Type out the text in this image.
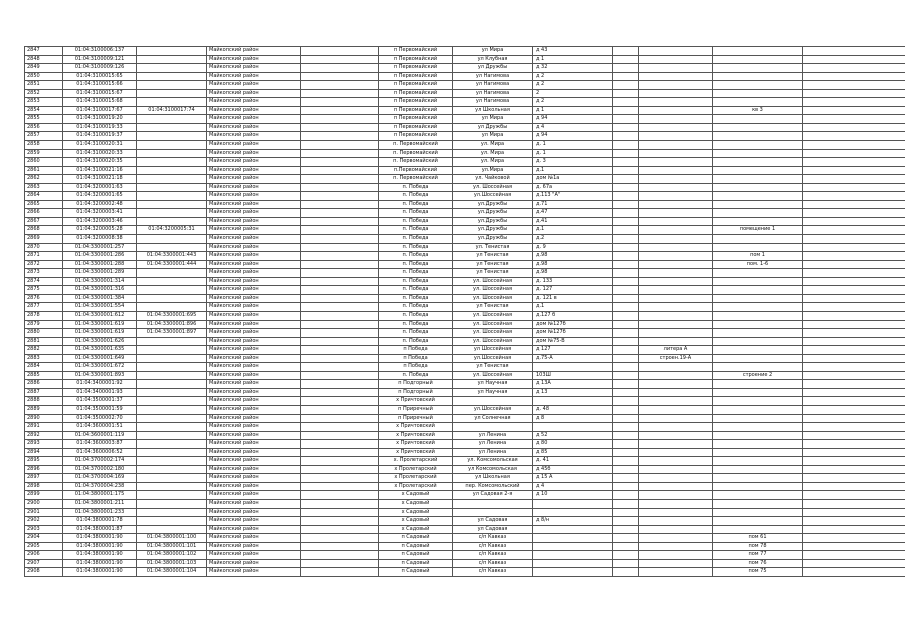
2847	01:04:3100006:137		Майкопский район		п Первомайский	ул Мира	д 43				
2848	01:04:3100009:121		Майкопский район		п Первомайский	ул Клубная	д 1				
2849	01:04:3100009:126		Майкопский район		п Первомайский	ул Дружбы	д 32				
2850	01:04:3100015:65		Майкопский район		п Первомайский	ул Нагимова	д 2				
2851	01:04:3100015:66		Майкопский район		п Первомайский	ул Нагимова	д 2				
2852	01:04:3100015:67		Майкопский район		п Первомайский	ул Нагимова	2				
2853	01:04:3100015:68		Майкопский район		п Первомайский	ул Нагимова	д 2				
2854	01:04:3100017:67	01:04:3100017:74	Майкопский район		п Первомайский	ул Школьная	д 1			кв 3	
2855	01:04:3100019:20		Майкопский район		п Первомайский	ул Мира	д 94				
2856	01:04:3100019:33		Майкопский район		п Первомайский	ул Дружбы	д 4				
2857	01:04:3100019:37		Майкопский район		п Первомайский	ул Мира	д 94				
2858	01:04:3100020:31		Майкопский район		п. Первомайский	ул. Мира	д. 1				
2859	01:04:3100020:33		Майкопский район		п. Первомайский	ул. Мира	д. 1				
2860	01:04:3100020:35		Майкопский район		п. Первомайский	ул. Мира	д. 3				
2861	01:04:3100021:16		Майкопский район		п.Первомайский	ул.Мира	д.1				
2862	01:04:3100021:18		Майкопский район		п. Первомайский	ул. Чайковой	дом №1а				
2863	01:04:3200001:63		Майкопский район		п. Победа	ул. Шоссейная	д. 67а				
2864	01:04:3200001:65		Майкопский район		п. Победа	ул.Шоссейная	д.113 "А"				
2865	01:04:3200002:48		Майкопский район		п. Победа	ул.Дружбы	д.71				
2866	01:04:3200003:41		Майкопский район		п. Победа	ул.Дружбы	д.47				
2867	01:04:3200003:46		Майкопский район		п. Победа	ул.Дружбы	д.41				
2868	01:04:3200005:28	01:04:3200005:31	Майкопский район		п. Победа	ул.Дружбы	д.1			помещение 1	
2869	01:04:3200008:38		Майкопский район		п. Победа	ул.Дружбы	д.2				
2870	01:04:3300001:257		Майкопский район		п. Победа	ул. Тенистая	д. 9				
2871	01:04:3300001:286	01:04:3300001:443	Майкопский район		п. Победа	ул Тенистая	д.98			пом 1	
2872	01:04:3300001:288	01:04:3300001:444	Майкопский район		п. Победа	ул Тенистая	д.98			пом. 1-6	
2873	01:04:3300001:289		Майкопский район		п. Победа	ул Тенистая	д.98				
2874	01:04:3300001:314		Майкопский район		п. Победа	ул. Шоссейная	д. 133				
2875	01:04:3300001:316		Майкопский район		п. Победа	ул. Шоссейная	д. 127				
2876	01:04:3300001:384		Майкопский район		п. Победа	ул. Шоссейная	д. 121 в				
2877	01:04:3300001:554		Майкопский район		п. Победа	ул Тенистая	д.1				
2878	01:04:3300001:612	01:04:3300001:695	Майкопский район		п. Победа	ул. Шоссейная	д.127 б				
2879	01:04:3300001:619	01:04:3300001:896	Майкопский район		п. Победа	ул. Шоссейная	дом №127б				
2880	01:04:3300001:619	01:04:3300001:897	Майкопский район		п. Победа	ул. Шоссейная	дом №127б				
2881	01:04:3300001:626		Майкопский район		п. Победа	ул. Шоссейная	дом №75-В				
2882	01:04:3300001:635		Майкопский район		п Победа	ул Шоссейная	д 127		литера А		
2883	01:04:3300001:649		Майкопский район		п Победа	ул.Шоссейная	д.75-А		строен.19-А		
2884	01:04:3300001:672		Майкопский район		п Победа	ул Тенистая					
2885	01:04:3300001:893		Майкопский район		п. Победа	ул. Шоссейная	103Ш			строение 2	
2886	01:04:3400001:92		Майкопский район		п Подгорный	ул Научная	д 13А				
2887	01:04:3400001:93		Майкопский район		п Подгорный	ул Научная	д 13				
2888	01:04:3500001:37		Майкопский район		х Причтовский						
2889	01:04:3500001:59		Майкопский район		п Приречный	ул.Шоссейная	д. 48				
2890	01:04:3500002:70		Майкопский район		п Приречный	ул Солнечная	д 8				
2891	01:04:3600001:51		Майкопский район		х Причтовский						
2892	01:04:3600001:119		Майкопский район		х Причтовский	ул Ленина	д 52				
2893	01:04:3600003:87		Майкопский район		х Причтовский	ул Ленина	д 80				
2894	01:04:3600006:52		Майкопский район		х Причтовский	ул Ленина	д 85				
2895	01:04:3700002:174		Майкопский район		х. Пролетарский	ул. Комсомольская	д. 41				
2896	01:04:3700002:180		Майкопский район		х Пролетарский	ул Комсомольская	д 45б				
2897	01:04:3700004:169		Майкопский район		х Пролетарский	ул Школьная	д 15 А				
2898	01:04:3700004:238		Майкопский район		х Пролетарский	пер. Комсомольский	д 4				
2899	01:04:3800001:175		Майкопский район		х Садовый	ул Садовая 2-я	д 10				
2900	01:04:3800001:211		Майкопский район		х Садовый						
2901	01:04:3800001:233		Майкопский район		х Садовый						
2902	01:04:3800001:78		Майкопский район		х Садовый	ул Садовая	д 8/н				
2903	01:04:3800001:87		Майкопский район		х Садовый	ул Садовая					
2904	01:04:3800001:90	01:04:3800001:100	Майкопский район		п Садовый	с/п Кавказ				пом 61	
2905	01:04:3800001:90	01:04:3800001:101	Майкопский район		п Садовый	с/п Кавказ				пом 78	
2906	01:04:3800001:90	01:04:3800001:102	Майкопский район		п Садовый	с/п Кавказ				пом 77	
2907	01:04:3800001:90	01:04:3800001:103	Майкопский район		п Садовый	с/п Кавказ				пом 76	
2908	01:04:3800001:90	01:04:3800001:104	Майкопский район		п Садовый	с/п Кавказ				пом 75	
